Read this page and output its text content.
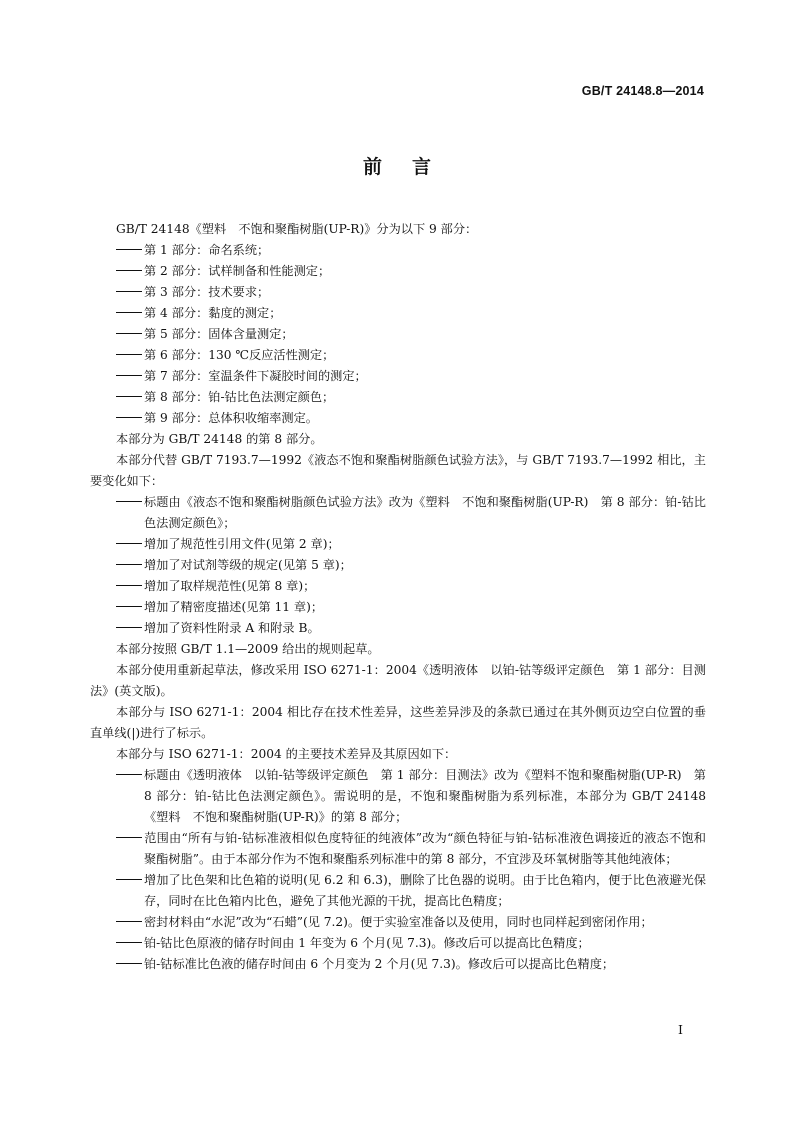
GB/T 24148.8—2014
前言
GB/T 24148《塑料　不饱和聚酯树脂(UP-R)》分为以下 9 部分：
第 1 部分：命名系统；
第 2 部分：试样制备和性能测定；
第 3 部分：技术要求；
第 4 部分：黏度的测定；
第 5 部分：固体含量测定；
第 6 部分：130 ℃反应活性测定；
第 7 部分：室温条件下凝胶时间的测定；
第 8 部分：铂-钴比色法测定颜色；
第 9 部分：总体积收缩率测定。
本部分为 GB/T 24148 的第 8 部分。
本部分代替 GB/T 7193.7—1992《液态不饱和聚酯树脂颜色试验方法》，与 GB/T 7193.7—1992 相比，主要变化如下：
标题由《液态不饱和聚酯树脂颜色试验方法》改为《塑料　不饱和聚酯树脂(UP-R)　第 8 部分：铂-钴比色法测定颜色》；
增加了规范性引用文件(见第 2 章)；
增加了对试剂等级的规定(见第 5 章)；
增加了取样规范性(见第 8 章)；
增加了精密度描述(见第 11 章)；
增加了资料性附录 A 和附录 B。
本部分按照 GB/T 1.1—2009 给出的规则起草。
本部分使用重新起草法，修改采用 ISO 6271-1：2004《透明液体　以铂-钴等级评定颜色　第 1 部分：目测法》(英文版)。
本部分与 ISO 6271-1：2004 相比存在技术性差异，这些差异涉及的条款已通过在其外侧页边空白位置的垂直单线(|)进行了标示。
本部分与 ISO 6271-1：2004 的主要技术差异及其原因如下：
标题由《透明液体　以铂-钴等级评定颜色　第 1 部分：目测法》改为《塑料不饱和聚酯树脂(UP-R)　第 8 部分：铂-钴比色法测定颜色》。需说明的是，不饱和聚酯树脂为系列标准，本部分为 GB/T 24148《塑料　不饱和聚酯树脂(UP-R)》的第 8 部分；
范围由“所有与铂-钴标准液相似色度特征的纯液体”改为“颜色特征与铂-钴标准液色调接近的液态不饱和聚酯树脂”。由于本部分作为不饱和聚酯系列标准中的第 8 部分，不宜涉及环氧树脂等其他纯液体；
增加了比色架和比色箱的说明(见 6.2 和 6.3)，删除了比色器的说明。由于比色箱内，便于比色液避光保存，同时在比色箱内比色，避免了其他光源的干扰，提高比色精度；
密封材料由“水泥”改为“石蜡”(见 7.2)。便于实验室准备以及使用，同时也同样起到密闭作用；
铂-钴比色原液的储存时间由 1 年变为 6 个月(见 7.3)。修改后可以提高比色精度；
铂-钴标准比色液的储存时间由 6 个月变为 2 个月(见 7.3)。修改后可以提高比色精度；
I
